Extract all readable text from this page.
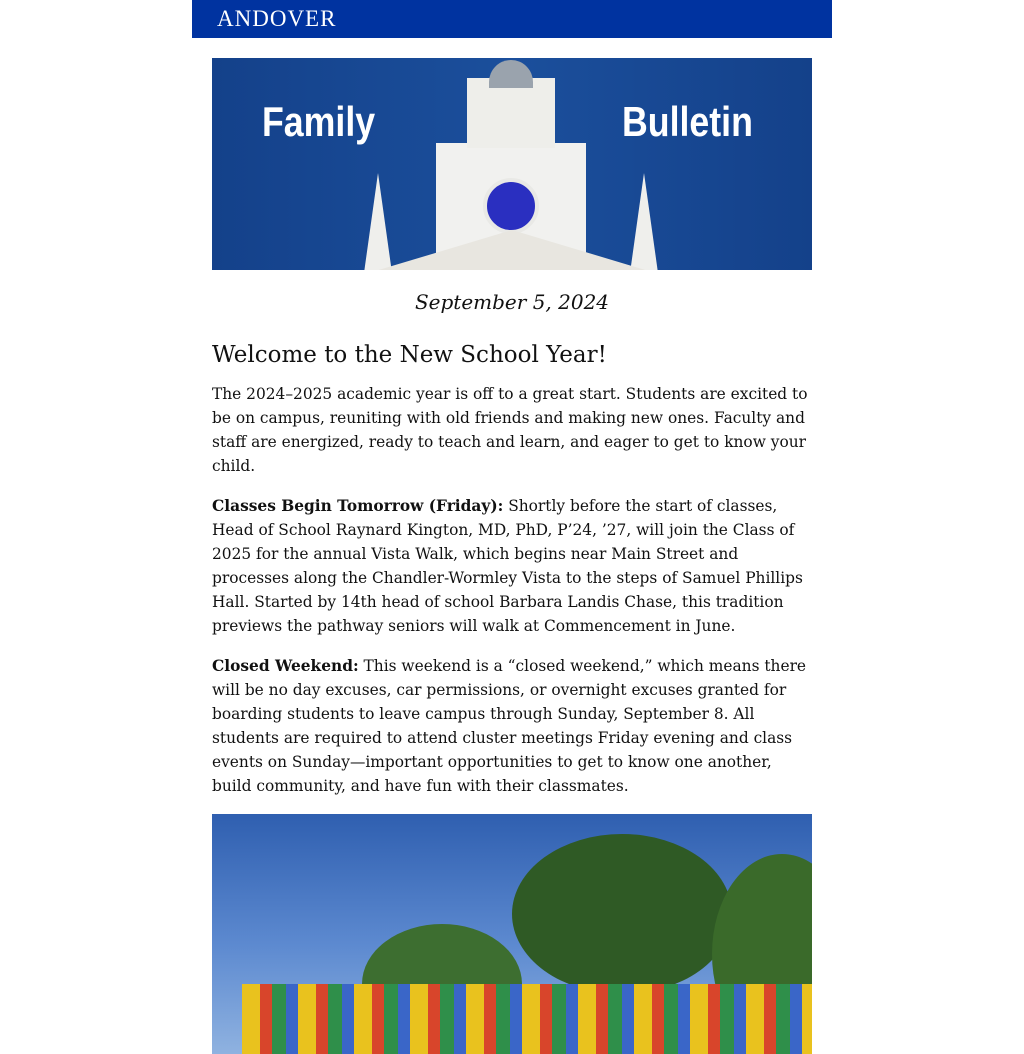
ANDOVER
Family	Bulletin
September 5, 2024
Welcome to the New School Year!

The 2024–2025 academic year is off to a great start. Students are excited to be on campus, reuniting with old friends and making new ones. Faculty and staff are energized, ready to teach and learn, and eager to get to know your child.

Classes Begin Tomorrow (Friday): Shortly before the start of classes, Head of School Raynard Kington, MD, PhD, P’24, ’27, will join the Class of 2025 for the annual Vista Walk, which begins near Main Street and processes along the Chandler-Wormley Vista to the steps of Samuel Phillips Hall. Started by 14th head of school Barbara Landis Chase, this tradition previews the pathway seniors will walk at Commencement in June.

Closed Weekend: This weekend is a “closed weekend,” which means there will be no day excuses, car permissions, or overnight excuses granted for boarding students to leave campus through Sunday, September 8. All students are required to attend cluster meetings Friday evening and class events on Sunday—important opportunities to get to know one another, build community, and have fun with their classmates.
